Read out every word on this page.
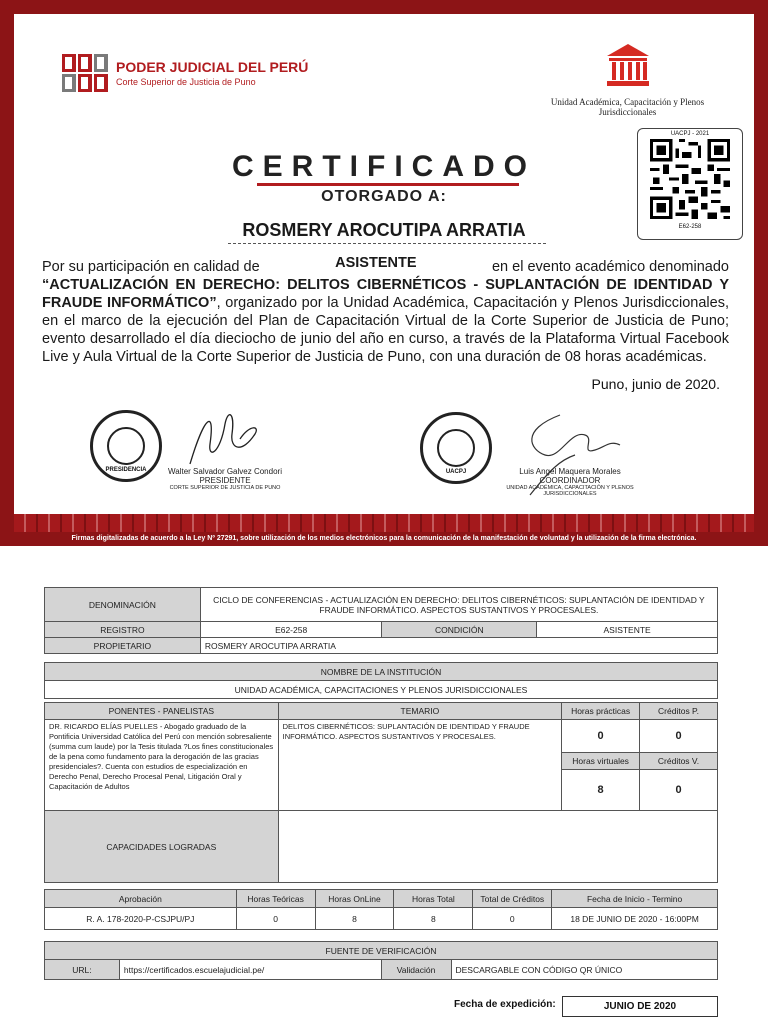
Firmas digitalizadas de acuerdo a la Ley Nº 27291, sobre utilización de los medios electrónicos para la comunicación de la manifestación de voluntad y la utilización de la firma electrónica.
PODER JUDICIAL DEL PERÚ
Corte Superior de Justicia de Puno
Unidad Académica, Capacitación y Plenos Jurisdiccionales
UACPJ - 2021
E62-258
CERTIFICADO
OTORGADO A:
ROSMERY AROCUTIPA ARRATIA
Por su participación en calidad de	ASISTENTE	en el evento académico denominado
“ACTUALIZACIÓN EN DERECHO: DELITOS CIBERNÉTICOS - SUPLANTACIÓN DE IDENTIDAD Y FRAUDE INFORMÁTICO”, organizado por la Unidad Académica, Capacitación y Plenos Jurisdiccionales, en el marco de la ejecución del Plan de Capacitación Virtual de la Corte Superior de Justicia de Puno; evento desarrollado el día dieciocho de junio del año en curso, a través de la Plataforma Virtual Facebook Live y Aula Virtual de la Corte Superior de Justicia de Puno, con una duración de 08 horas académicas.
Puno, junio de 2020.
PRESIDENCIA	Walter Salvador Galvez Condori
PRESIDENTE
CORTE SUPERIOR DE JUSTICIA DE PUNO
UACPJ	Luis Angel Maquera Morales
COORDINADOR
UNIDAD ACADÉMICA, CAPACITACIÓN Y PLENOS JURISDICCIONALES
DENOMINACIÓN	CICLO DE CONFERENCIAS - ACTUALIZACIÓN EN DERECHO: DELITOS CIBERNÉTICOS: SUPLANTACIÓN DE IDENTIDAD Y FRAUDE INFORMÁTICO. ASPECTOS SUSTANTIVOS Y PROCESALES.		
REGISTRO	E62-258	CONDICIÓN	ASISTENTE
PROPIETARIO	ROSMERY AROCUTIPA ARRATIA		
NOMBRE DE LA INSTITUCIÓN
UNIDAD ACADÉMICA, CAPACITACIONES Y PLENOS JURISDICCIONALES
PONENTES - PANELISTAS	TEMARIO	Horas prácticas	Créditos P.
DR. RICARDO ELÍAS PUELLES - Abogado graduado de la Pontificia Universidad Católica del Perú con mención sobresaliente (summa cum laude) por la Tesis titulada ?Los fines constitucionales de la pena como fundamento para la derogación de las gracias presidenciales?. Cuenta con estudios de especialización en Derecho Penal, Derecho Procesal Penal, Litigación Oral y Capacitación de Adultos	DELITOS CIBERNÉTICOS: SUPLANTACIÓN DE IDENTIDAD Y FRAUDE INFORMÁTICO. ASPECTOS SUSTANTIVOS Y PROCESALES.	0	0
		Horas virtuales	Créditos V.
		8	0
CAPACIDADES LOGRADAS			
Aprobación	Horas Teóricas	Horas OnLine	Horas Total	Total de Créditos	Fecha de Inicio - Termino
R. A. 178-2020-P-CSJPU/PJ	0	8	8	0	18 DE JUNIO DE 2020 - 16:00PM
FUENTE DE VERIFICACIÓN
URL:	https://certificados.escuelajudicial.pe/	Validación	DESCARGABLE CON CÓDIGO QR ÚNICO
Fecha de expedición:	JUNIO DE 2020
